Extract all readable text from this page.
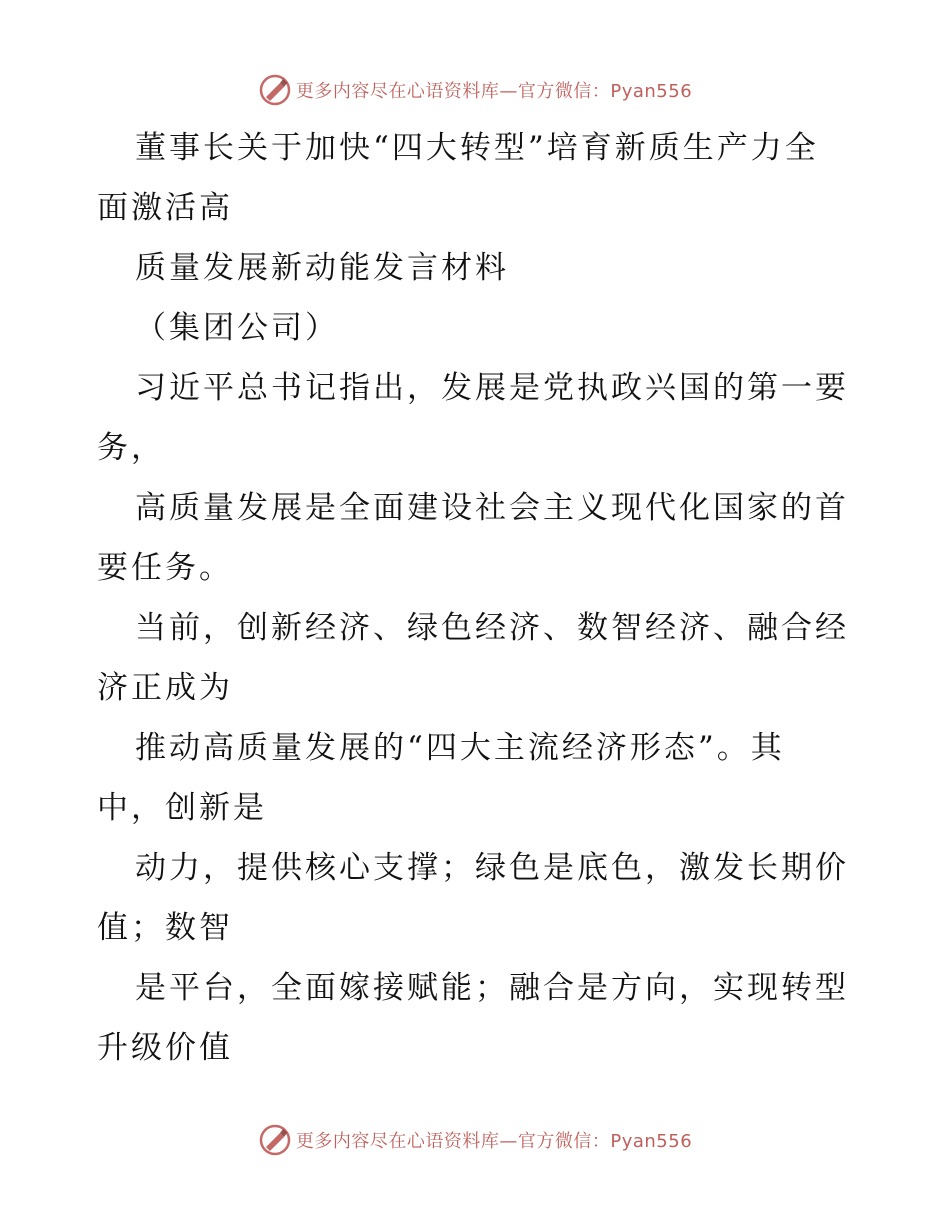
更多内容尽在心语资料库—官方微信：Pyan556

董事长关于加快“四大转型”培育新质生产力全

面激活高

质量发展新动能发言材料

（集团公司）

习近平总书记指出，发展是党执政兴国的第一要

务，

高质量发展是全面建设社会主义现代化国家的首

要任务。

当前，创新经济、绿色经济、数智经济、融合经

济正成为

推动高质量发展的“四大主流经济形态”。其

中，创新是

动力，提供核心支撑；绿色是底色，激发长期价

值；数智

是平台，全面嫁接赋能；融合是方向，实现转型

升级价值

更多内容尽在心语资料库—官方微信：Pyan556
